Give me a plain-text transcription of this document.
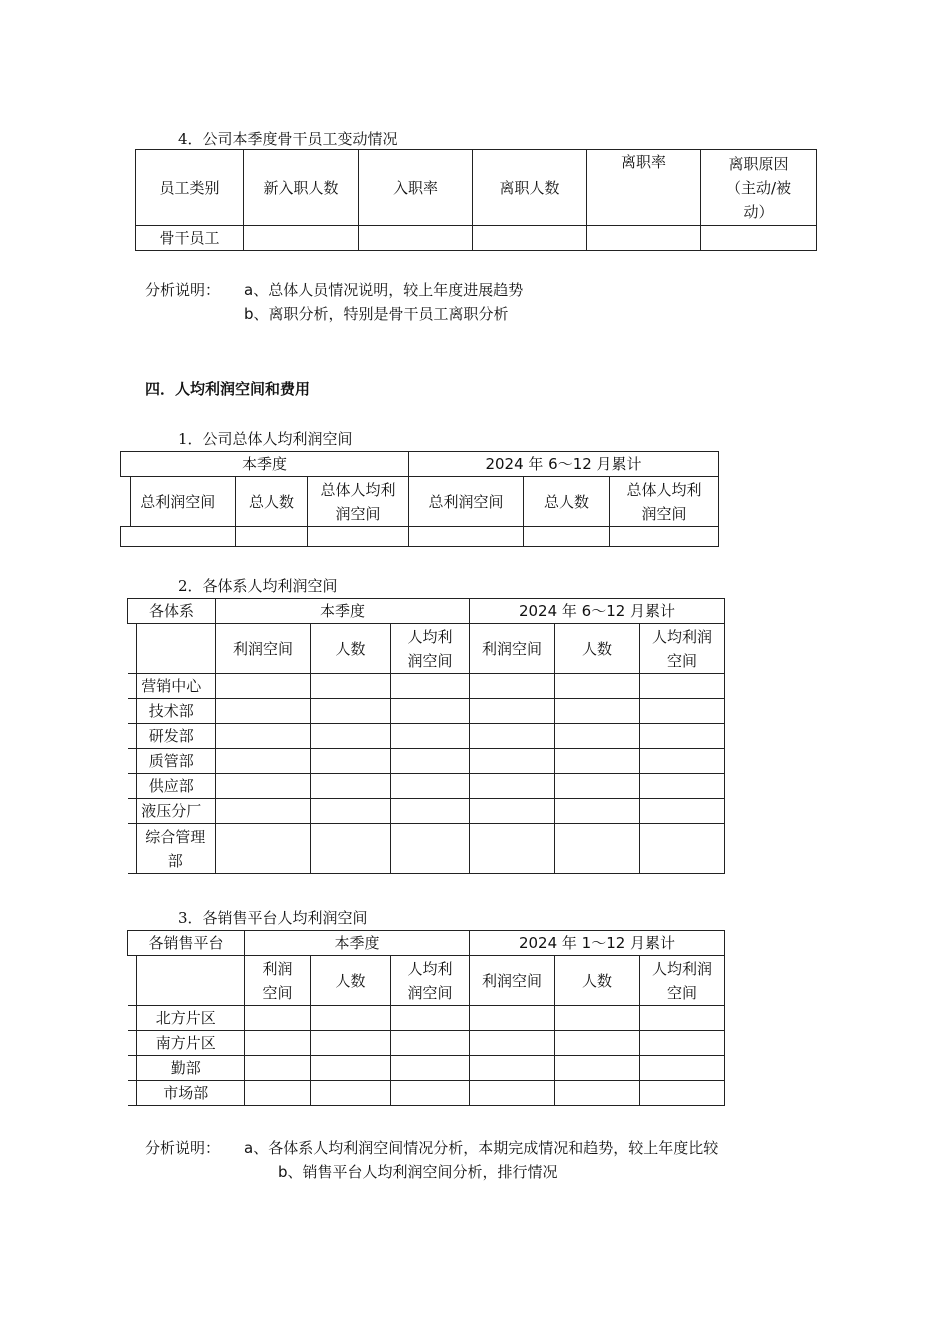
4．公司本季度骨干员工变动情况
员工类别	新入职人数	入职率	离职人数	离职率	离职原因（主动/被动）
骨干员工					
分析说明： a、总体人员情况说明，较上年度进展趋势
b、离职分析，特别是骨干员工离职分析
四．人均利润空间和费用
1．公司总体人均利润空间
本季度			2024 年 6～12 月累计		
总利润空间	总人数	总体人均利润空间	总利润空间	总人数	总体人均利润空间

2．各体系人均利润空间
各体系	本季度			2024 年 6～12 月累计		
	利润空间	人数	人均利润空间	利润空间	人数	人均利润空间
营销中心						
技术部						
研发部						
质管部						
供应部						
液压分厂						
综合管理部						
3．各销售平台人均利润空间
各销售平台	本季度			2024 年 1～12 月累计		
	利润空间	人数	人均利润空间	利润空间	人数	人均利润空间
北方片区						
南方片区						
勤部						
市场部						
分析说明： a、各体系人均利润空间情况分析，本期完成情况和趋势，较上年度比较
b、销售平台人均利润空间分析，排行情况
